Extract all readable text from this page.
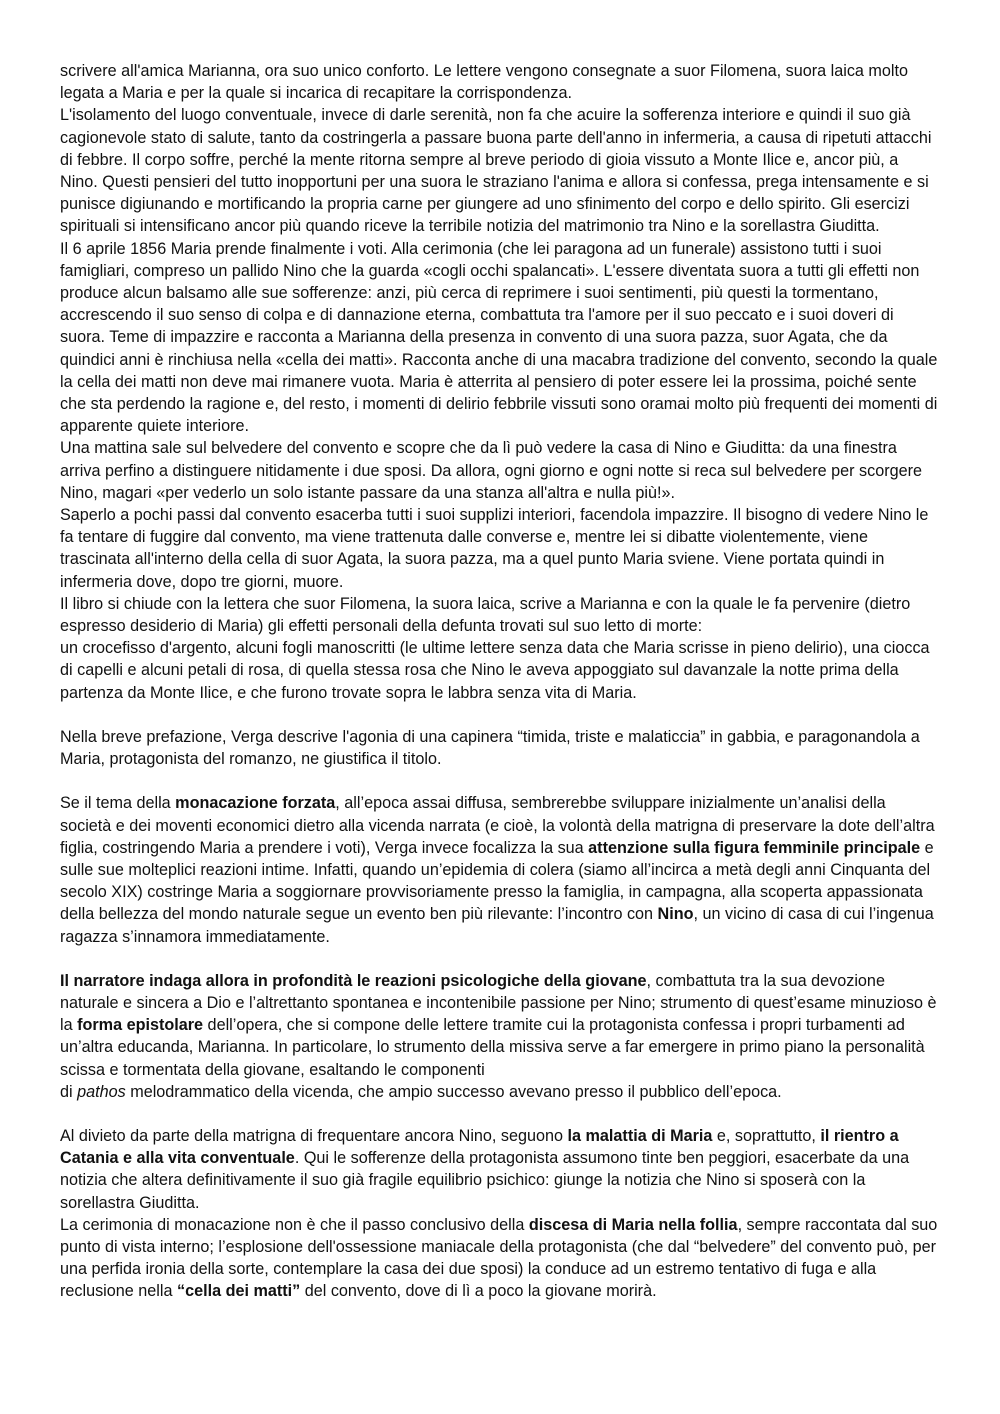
scrivere all'amica Marianna, ora suo unico conforto. Le lettere vengono consegnate a suor Filomena, suora laica molto legata a Maria e per la quale si incarica di recapitare la corrispondenza.

L'isolamento del luogo conventuale, invece di darle serenità, non fa che acuire la sofferenza interiore e quindi il suo già cagionevole stato di salute, tanto da costringerla a passare buona parte dell'anno in infermeria, a causa di ripetuti attacchi di febbre. Il corpo soffre, perché la mente ritorna sempre al breve periodo di gioia vissuto a Monte Ilice e, ancor più, a Nino. Questi pensieri del tutto inopportuni per una suora le straziano l'anima e allora si confessa, prega intensamente e si punisce digiunando e mortificando la propria carne per giungere ad uno sfinimento del corpo e dello spirito. Gli esercizi spirituali si intensificano ancor più quando riceve la terribile notizia del matrimonio tra Nino e la sorellastra Giuditta.

Il 6 aprile 1856 Maria prende finalmente i voti. Alla cerimonia (che lei paragona ad un funerale) assistono tutti i suoi famigliari, compreso un pallido Nino che la guarda «cogli occhi spalancati». L'essere diventata suora a tutti gli effetti non produce alcun balsamo alle sue sofferenze: anzi, più cerca di reprimere i suoi sentimenti, più questi la tormentano, accrescendo il suo senso di colpa e di dannazione eterna, combattuta tra l'amore per il suo peccato e i suoi doveri di suora. Teme di impazzire e racconta a Marianna della presenza in convento di una suora pazza, suor Agata, che da quindici anni è rinchiusa nella «cella dei matti». Racconta anche di una macabra tradizione del convento, secondo la quale la cella dei matti non deve mai rimanere vuota. Maria è atterrita al pensiero di poter essere lei la prossima, poiché sente che sta perdendo la ragione e, del resto, i momenti di delirio febbrile vissuti sono oramai molto più frequenti dei momenti di apparente quiete interiore.

Una mattina sale sul belvedere del convento e scopre che da lì può vedere la casa di Nino e Giuditta: da una finestra arriva perfino a distinguere nitidamente i due sposi. Da allora, ogni giorno e ogni notte si reca sul belvedere per scorgere Nino, magari «per vederlo un solo istante passare da una stanza all'altra e nulla più!».

Saperlo a pochi passi dal convento esacerba tutti i suoi supplizi interiori, facendola impazzire. Il bisogno di vedere Nino le fa tentare di fuggire dal convento, ma viene trattenuta dalle converse e, mentre lei si dibatte violentemente, viene trascinata all'interno della cella di suor Agata, la suora pazza, ma a quel punto Maria sviene. Viene portata quindi in infermeria dove, dopo tre giorni, muore.

Il libro si chiude con la lettera che suor Filomena, la suora laica, scrive a Marianna e con la quale le fa pervenire (dietro espresso desiderio di Maria) gli effetti personali della defunta trovati sul suo letto di morte:

un crocefisso d'argento, alcuni fogli manoscritti (le ultime lettere senza data che Maria scrisse in pieno delirio), una ciocca di capelli e alcuni petali di rosa, di quella stessa rosa che Nino le aveva appoggiato sul davanzale la notte prima della partenza da Monte Ilice, e che furono trovate sopra le labbra senza vita di Maria.

Nella breve prefazione, Verga descrive l'agonia di una capinera “timida, triste e malaticcia” in gabbia, e paragonandola a Maria, protagonista del romanzo, ne giustifica il titolo.

Se il tema della monacazione forzata, all’epoca assai diffusa, sembrerebbe sviluppare inizialmente un’analisi della società e dei moventi economici dietro alla vicenda narrata (e cioè, la volontà della matrigna di preservare la dote dell’altra figlia, costringendo Maria a prendere i voti), Verga invece focalizza la sua attenzione sulla figura femminile principale e sulle sue molteplici reazioni intime. Infatti, quando un’epidemia di colera (siamo all’incirca a metà degli anni Cinquanta del secolo XIX) costringe Maria a soggiornare provvisoriamente presso la famiglia, in campagna, alla scoperta appassionata della bellezza del mondo naturale segue un evento ben più rilevante: l’incontro con Nino, un vicino di casa di cui l’ingenua ragazza s’innamora immediatamente.

Il narratore indaga allora in profondità le reazioni psicologiche della giovane, combattuta tra la sua devozione naturale e sincera a Dio e l’altrettanto spontanea e incontenibile passione per Nino; strumento di quest’esame minuzioso è la forma epistolare dell’opera, che si compone delle lettere tramite cui la protagonista confessa i propri turbamenti ad un’altra educanda, Marianna. In particolare, lo strumento della missiva serve a far emergere in primo piano la personalità scissa e tormentata della giovane, esaltando le componenti
di pathos melodrammatico della vicenda, che ampio successo avevano presso il pubblico dell’epoca.

Al divieto da parte della matrigna di frequentare ancora Nino, seguono la malattia di Maria e, soprattutto, il rientro a Catania e alla vita conventuale. Qui le sofferenze della protagonista assumono tinte ben peggiori, esacerbate da una notizia che altera definitivamente il suo già fragile equilibrio psichico: giunge la notizia che Nino si sposerà con la sorellastra Giuditta.

La cerimonia di monacazione non è che il passo conclusivo della discesa di Maria nella follia, sempre raccontata dal suo punto di vista interno; l’esplosione dell'ossessione maniacale della protagonista (che dal “belvedere” del convento può, per una perfida ironia della sorte, contemplare la casa dei due sposi) la conduce ad un estremo tentativo di fuga e alla reclusione nella “cella dei matti” del convento, dove di lì a poco la giovane morirà.
